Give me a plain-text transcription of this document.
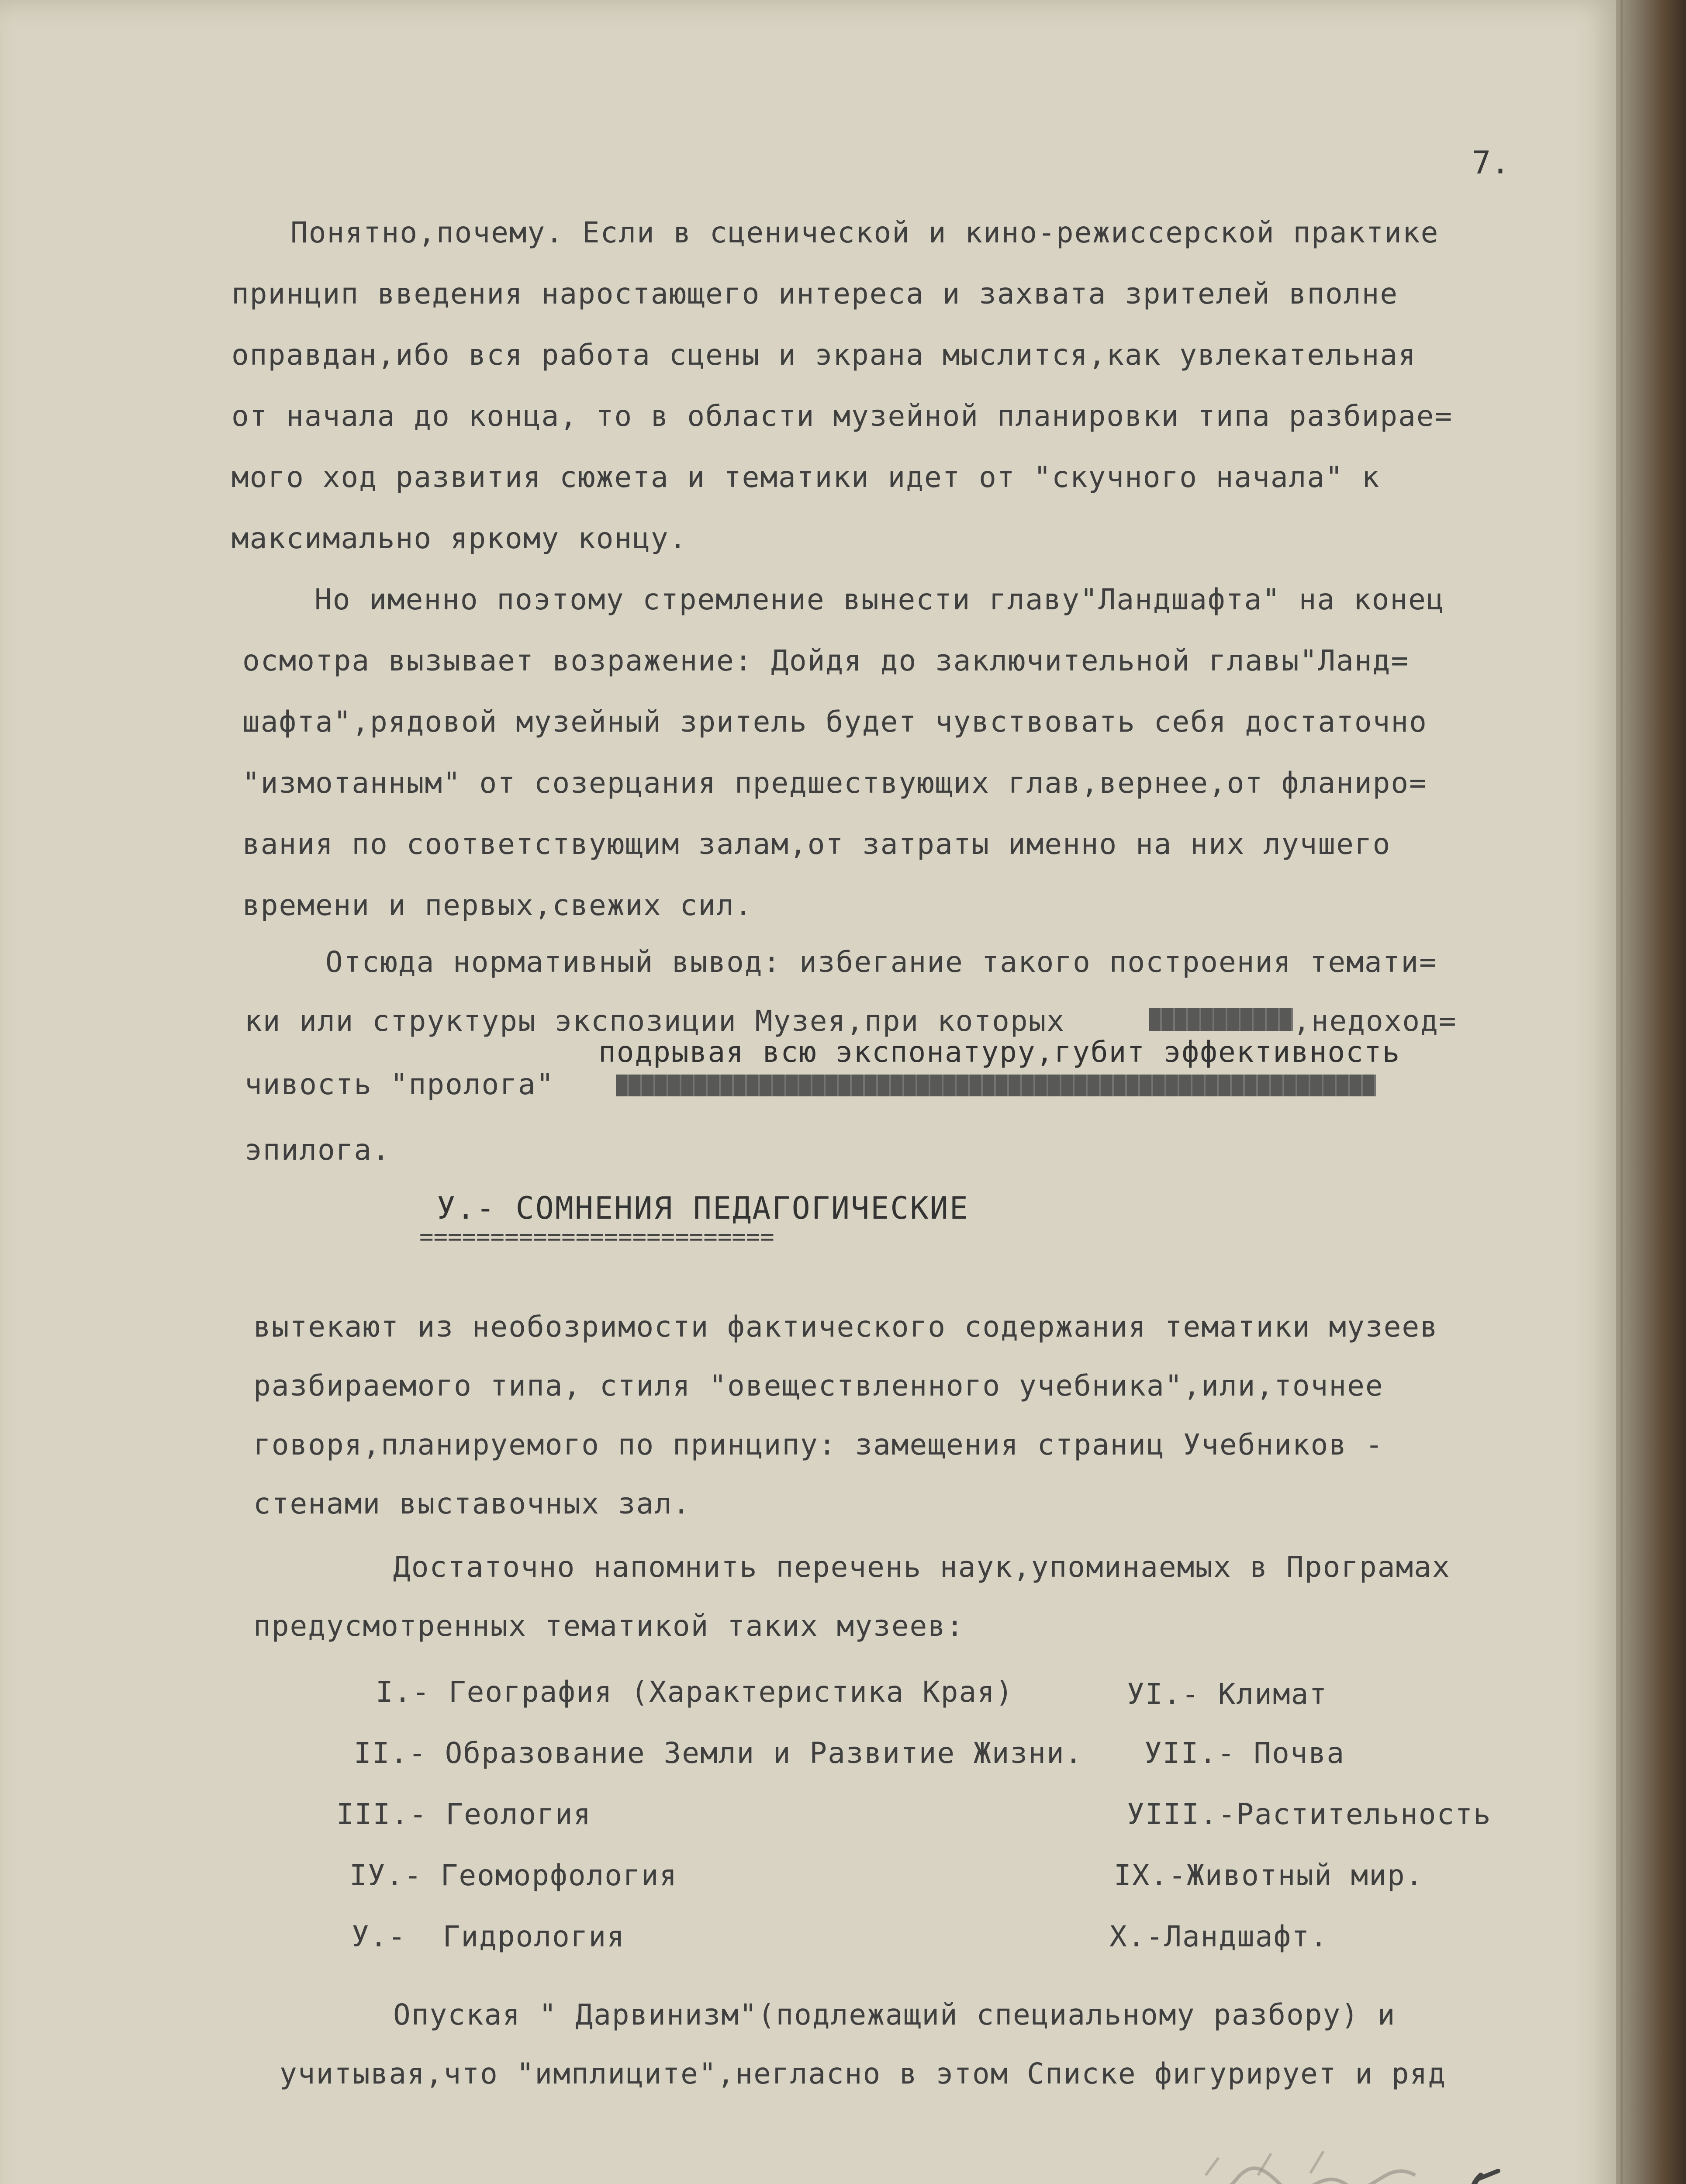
7.
Понятно,почему. Если в сценической и кино-режиссерской практике
принцип введения наростающего интереса и захвата зрителей вполне
оправдан,ибо вся работа сцены и экрана мыслится,как увлекательная
от начала до конца, то в области музейной планировки типа разбирае=
мого ход развития сюжета и тематики идет от "скучного начала" к
максимально яркому концу.
Но именно поэтому стремление вынести главу"Ландшафта" на конец
осмотра вызывает возражение: Дойдя до заключительной главы"Ланд=
шафта",рядовой музейный зритель будет чувствовать себя достаточно
"измотанным" от созерцания предшествующих глав,вернее,от фланиро=
вания по соответствующим залам,от затраты именно на них лучшего
времени и первых,свежих сил.
Отсюда нормативный вывод: избегание такого построения темати=
ки или структуры экспозиции Музея,при которых	,недоход=
подрывая всю экспонатуру,губит эффективность
чивость "пролога"
эпилога.
У.- СОМНЕНИЯ ПЕДАГОГИЧЕСКИЕ
=========================
вытекают из необозримости фактического содержания тематики музеев
разбираемого типа, стиля "овеществленного учебника",или,точнее
говоря,планируемого по принципу: замещения страниц Учебников -
стенами выставочных зал.
Достаточно напомнить перечень наук,упоминаемых в Програмах
предусмотренных тематикой таких музеев:
I.- География (Характеристика Края)	УI.- Климат
II.- Образование Земли и Развитие Жизни. УII.- Почва
III.- Геология	УIII.-Растительность
IУ.- Геоморфология	IX.-Животный мир.
У.-  Гидрология	X.-Ландшафт.
Опуская " Дарвинизм"(подлежащий специальному разбору) и
учитывая,что "имплиците",негласно в этом Списке фигурирует и ряд
